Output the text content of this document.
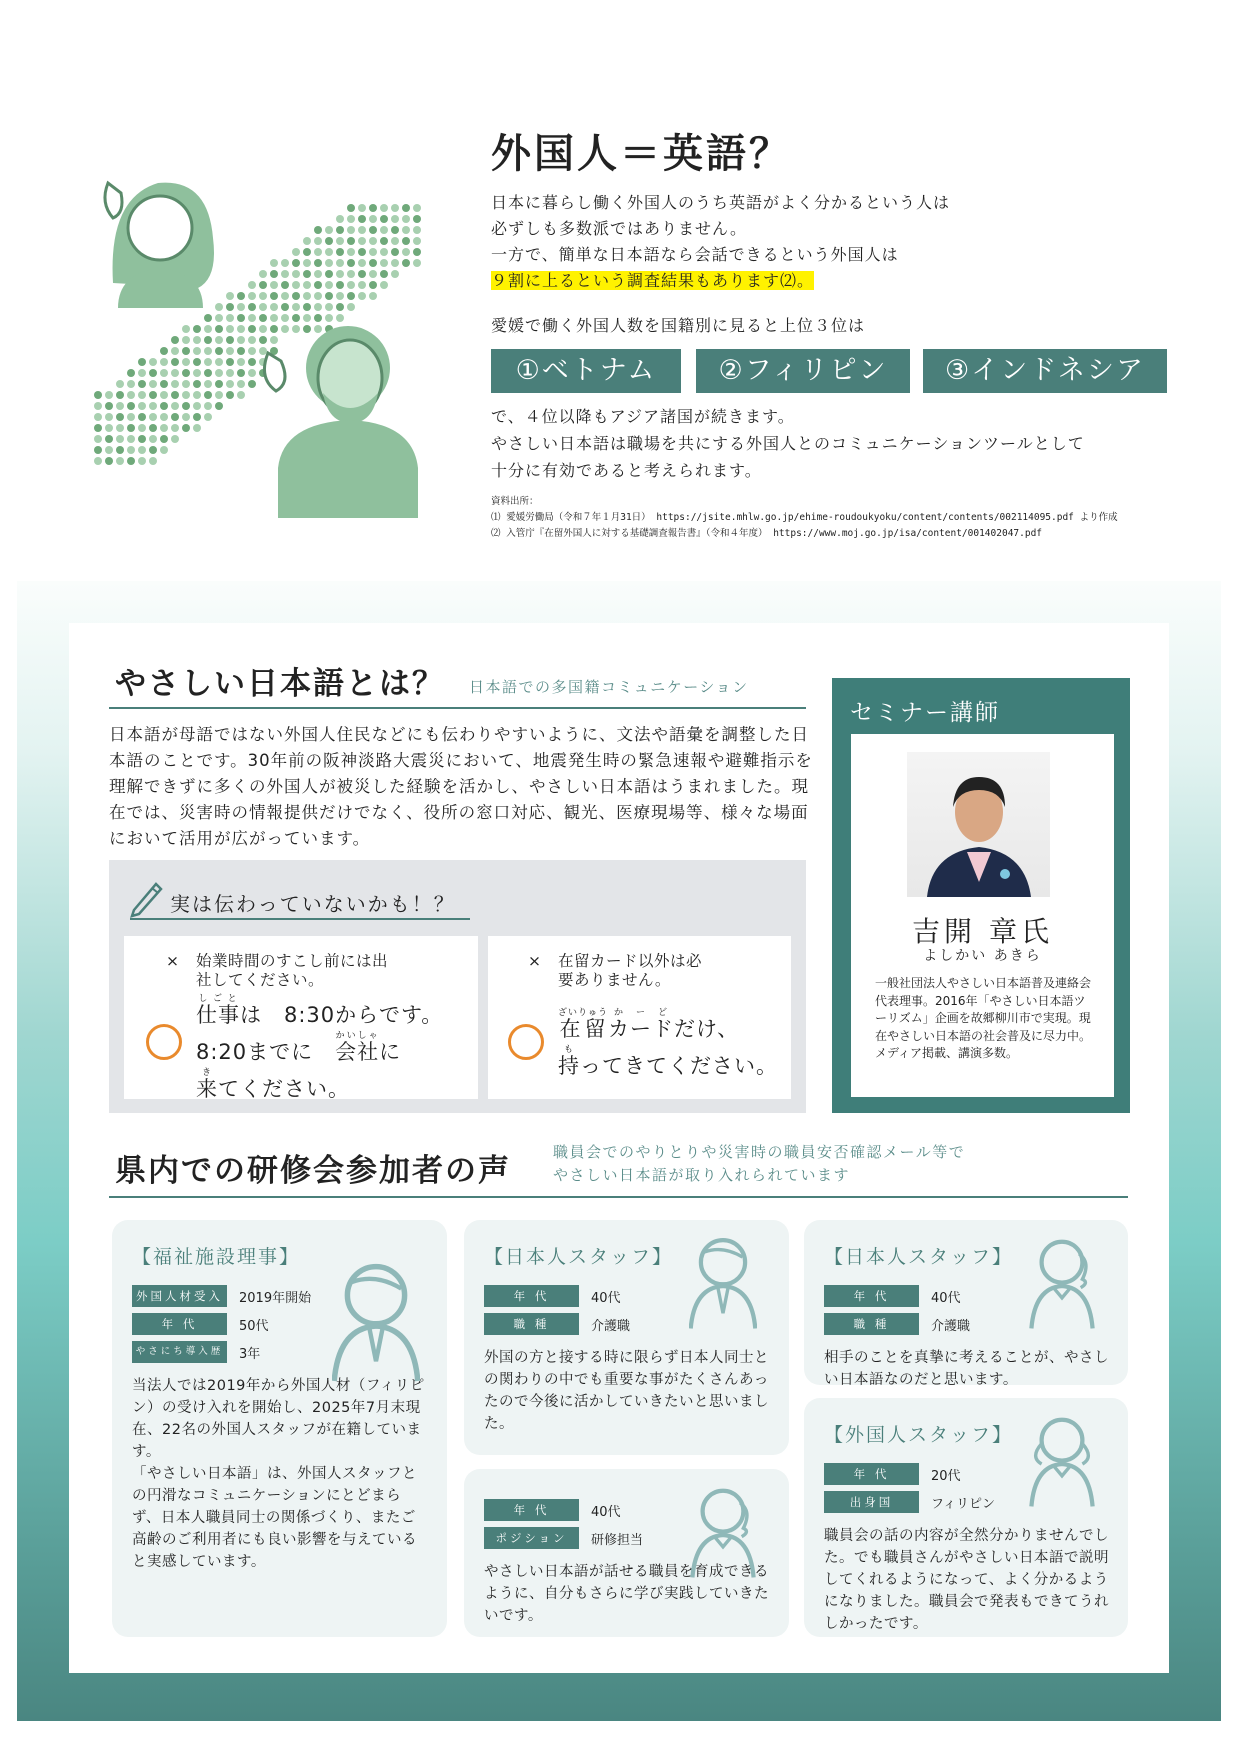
外国人＝英語？
日本に暮らし働く外国人のうち英語がよく分かるという人は
必ずしも多数派ではありません。
一方で、簡単な日本語なら会話できるという外国人は
９割に上るという調査結果もあります⑵。
愛媛で働く外国人数を国籍別に見ると上位３位は
①ベトナム	②フィリピン	③インドネシア
で、４位以降もアジア諸国が続きます。
やさしい日本語は職場を共にする外国人とのコミュニケーションツールとして
十分に有効であると考えられます。
資料出所：
⑴ 愛媛労働局（令和７年１月31日） https://jsite.mhlw.go.jp/ehime-roudoukyoku/content/contents/002114095.pdf より作成
⑵ 入管庁『在留外国人に対する基礎調査報告書』（令和４年度） https://www.moj.go.jp/isa/content/001402047.pdf
やさしい日本語とは？ 日本語での多国籍コミュニケーション
日本語が母語ではない外国人住民などにも伝わりやすいように、文法や語彙を調整した日本語のことです。30年前の阪神淡路大震災において、地震発生時の緊急速報や避難指示を理解できずに多くの外国人が被災した経験を活かし、やさしい日本語はうまれました。現在では、災害時の情報提供だけでなく、役所の窓口対応、観光、医療現場等、様々な場面において活用が広がっています。
実は伝わっていないかも！？
× 始業時間のすこし前には出社してください。
仕事しごとは　8:30からです。
8:20までに　会社かいしゃに
来きてください。
× 在留カード以外は必要ありません。
在留ざいりゅうカードかーどだけ、
持もってきてください。
セミナー講師
吉開 章氏
よしかい あきら
一般社団法人やさしい日本語普及連絡会代表理事。2016年「やさしい日本語ツーリズム」企画を故郷柳川市で実現。現在やさしい日本語の社会普及に尽力中。メディア掲載、講演多数。
県内での研修会参加者の声
職員会でのやりとりや災害時の職員安否確認メール等で
やさしい日本語が取り入れられています
【福祉施設理事】
外国人材受入	2019年開始
年 代	50代
やさにち導入歴 3年
当法人では2019年から外国人材（フィリピン）の受け入れを開始し、2025年7月末現在、22名の外国人スタッフが在籍しています。
「やさしい日本語」は、外国人スタッフとの円滑なコミュニケーションにとどまらず、日本人職員同士の関係づくり、またご高齢のご利用者にも良い影響を与えていると実感しています。
【日本人スタッフ】
年 代	40代
職 種	介護職
外国の方と接する時に限らず日本人同士との関わりの中でも重要な事がたくさんあったので今後に活かしていきたいと思いました。
年 代	40代
ポジション	研修担当
やさしい日本語が話せる職員を育成できるように、自分もさらに学び実践していきたいです。
【日本人スタッフ】
年 代	40代
職 種	介護職
相手のことを真摯に考えることが、やさしい日本語なのだと思います。
【外国人スタッフ】
年 代	20代
出身国	フィリピン
職員会の話の内容が全然分かりませんでした。でも職員さんがやさしい日本語で説明してくれるようになって、よく分かるようになりました。職員会で発表もできてうれしかったです。
